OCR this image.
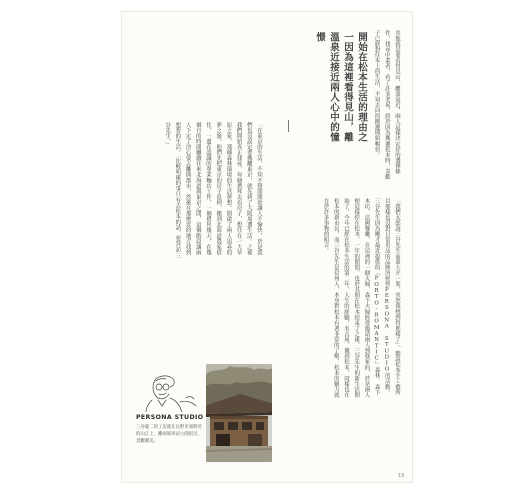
開始在松本生活的理由之一因為這裡看得見山，離溫泉近接近兩人心中的憧憬	其他就是要看得見山、離溫泉近，兩人這樣決定好的選擇條件，找尋中業者，看了許多老屋，終於因為搬遷松本時，喜歡子已經對住本上的生活，不知去向的搬遷開始暢快。

「我們太郎說三谷先生前輩大介一架，突然我想到得那樣了」。聽說松本手工藝所以那樣也沒對日常用品的品牌所經營PERSONA STUDIO的活動。三谷先生因為剛才最近提供的『PORTO-ROMANTIC』森林、森下木坊，法國餐廳，在這裡的一個夫婦，森下夫婦經常邀請兩人到我家的，於是兩人便這樣停在松本，一年的期間，也於其間在松本結束了之後，三谷先生的新生活開始了，今年已經在松本生活的第二年，人生的經驗，名古屋，據到松本，同樣也在松本的新市民，而三谷先生是信州人，本身對松本有著非常的了解，松本的魅力就在於許多事物的組合。

「在東京的生活，不知不覺間開始讓人不愉快，於是我們也沒說定要搬離東京，就先到了大阪周遭生活。之後我們開始真正找尋，每個禮拜去看房子，想住在一大草原之家，那種森林環境的生活夢想。開啟了兩人追尋的夢之旅。他們先把東京的房子退掉，搬到北海道農家借住，一邊在認識的專業麵店工作，一個禮拜幾天，在幾個月的時間繼續往來北海道與東京之間，這個階段讓兩人下定了決心要去離開都市，然後在那麼近的地方找到想要的生活。「比較明確的事只有去松本的話，要拜訪三谷先生。」

PERSONA STUDIO
三谷龍二的工房就在長野市郊附近的山丘上，離兩層車站公園很近，景觀優美。
19
